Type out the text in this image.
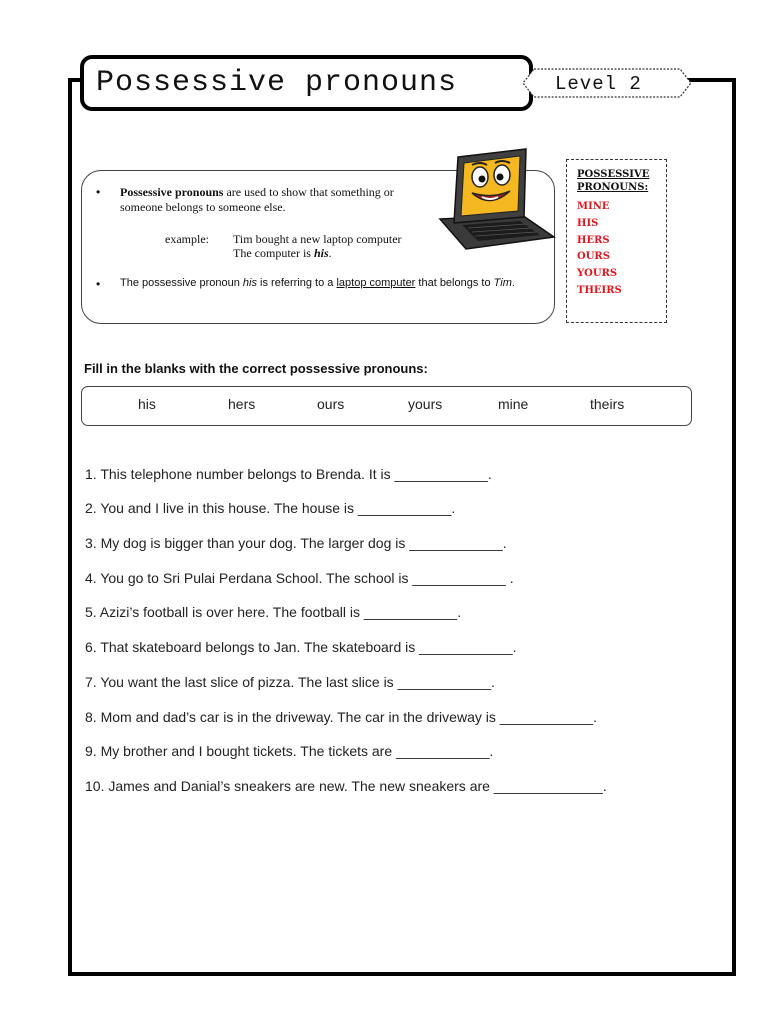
Possessive pronouns	Level 2
• Possessive pronouns are used to show that something or someone belongs to someone else.
example: Tim bought a new laptop computer
The computer is his.
• The possessive pronoun his is referring to a laptop computer that belongs to Tim.
POSSESSIVE PRONOUNS:
MINE
HIS
HERS
OURS
YOURS
THEIRS
Fill in the blanks with the correct possessive pronouns:
his	hers	ours	yours	mine	theirs
1. This telephone number belongs to Brenda. It is ____________.
2. You and I live in this house. The house is ____________.
3. My dog is bigger than your dog. The larger dog is ____________.
4. You go to Sri Pulai Perdana School. The school is ____________ .
5. Azizi’s football is over here. The football is ____________.
6. That skateboard belongs to Jan. The skateboard is ____________.
7. You want the last slice of pizza. The last slice is ____________.
8. Mom and dad’s car is in the driveway. The car in the driveway is ____________.
9. My brother and I bought tickets. The tickets are ____________.
10. James and Danial’s sneakers are new. The new sneakers are ______________.
